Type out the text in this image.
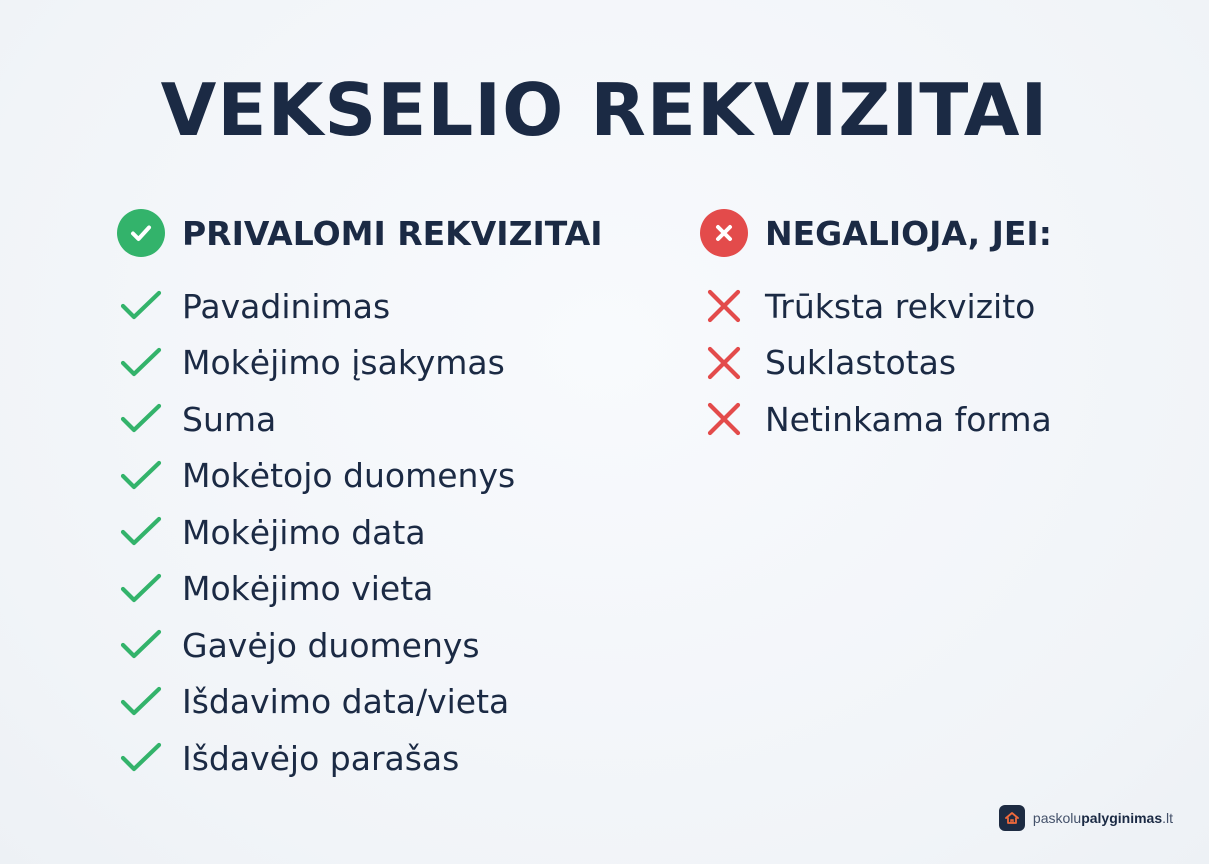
VEKSELIO REKVIZITAI
PRIVALOMI REKVIZITAI
Pavadinimas
Mokėjimo įsakymas
Suma
Mokėtojo duomenys
Mokėjimo data
Mokėjimo vieta
Gavėjo duomenys
Išdavimo data/vieta
Išdavėjo parašas
NEGALIOJA, JEI:
Trūksta rekvizito
Suklastotas
Netinkama forma
paskolupalyginimas.lt
